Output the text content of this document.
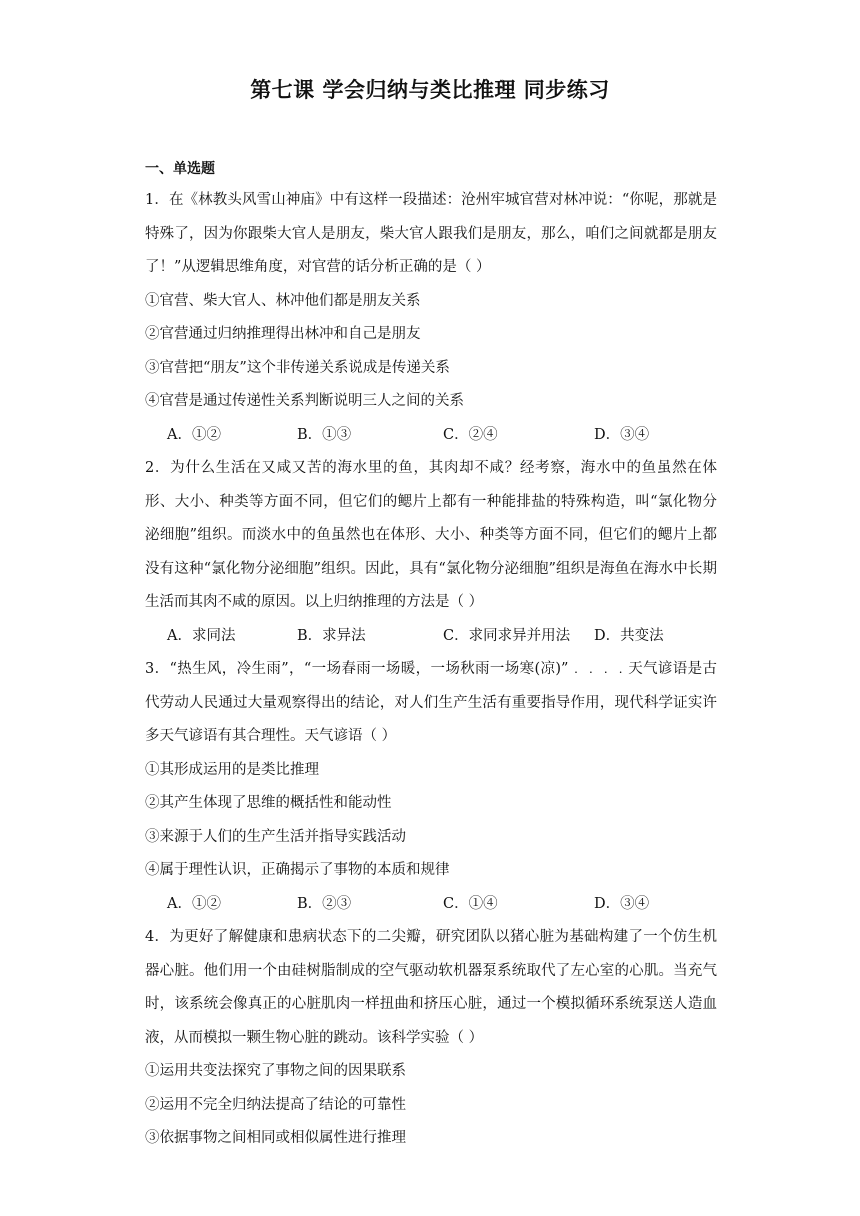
第七课 学会归纳与类比推理 同步练习
一、单选题

1．在《林教头风雪山神庙》中有这样一段描述：沧州牢城官营对林冲说：“你呢，那就是特殊了，因为你跟柴大官人是朋友，柴大官人跟我们是朋友，那么，咱们之间就都是朋友了！”从逻辑思维角度，对官营的话分析正确的是（ ）

①官营、柴大官人、林冲他们都是朋友关系

②官营通过归纳推理得出林冲和自己是朋友

③官营把“朋友”这个非传递关系说成是传递关系

④官营是通过传递性关系判断说明三人之间的关系

A．①②	B．①③	C．②④	D．③④

2．为什么生活在又咸又苦的海水里的鱼，其肉却不咸？经考察，海水中的鱼虽然在体形、大小、种类等方面不同，但它们的鳃片上都有一种能排盐的特殊构造，叫“氯化物分泌细胞”组织。而淡水中的鱼虽然也在体形、大小、种类等方面不同，但它们的鳃片上都没有这种“氯化物分泌细胞”组织。因此，具有“氯化物分泌细胞”组织是海鱼在海水中长期生活而其肉不咸的原因。以上归纳推理的方法是（ ）

A．求同法	B．求异法	C．求同求异并用法 D．共变法

3．“热生风，冷生雨”，“一场春雨一场暖，一场秋雨一场寒(凉)”﹒﹒﹒﹒天气谚语是古代劳动人民通过大量观察得出的结论，对人们生产生活有重要指导作用，现代科学证实许多天气谚语有其合理性。天气谚语（ ）

①其形成运用的是类比推理

②其产生体现了思维的概括性和能动性

③来源于人们的生产生活并指导实践活动

④属于理性认识，正确揭示了事物的本质和规律

A．①②	B．②③	C．①④	D．③④

4．为更好了解健康和患病状态下的二尖瓣，研究团队以猪心脏为基础构建了一个仿生机器心脏。他们用一个由硅树脂制成的空气驱动软机器泵系统取代了左心室的心肌。当充气时，该系统会像真正的心脏肌肉一样扭曲和挤压心脏，通过一个模拟循环系统泵送人造血液，从而模拟一颗生物心脏的跳动。该科学实验（ ）

①运用共变法探究了事物之间的因果联系

②运用不完全归纳法提高了结论的可靠性

③依据事物之间相同或相似属性进行推理
